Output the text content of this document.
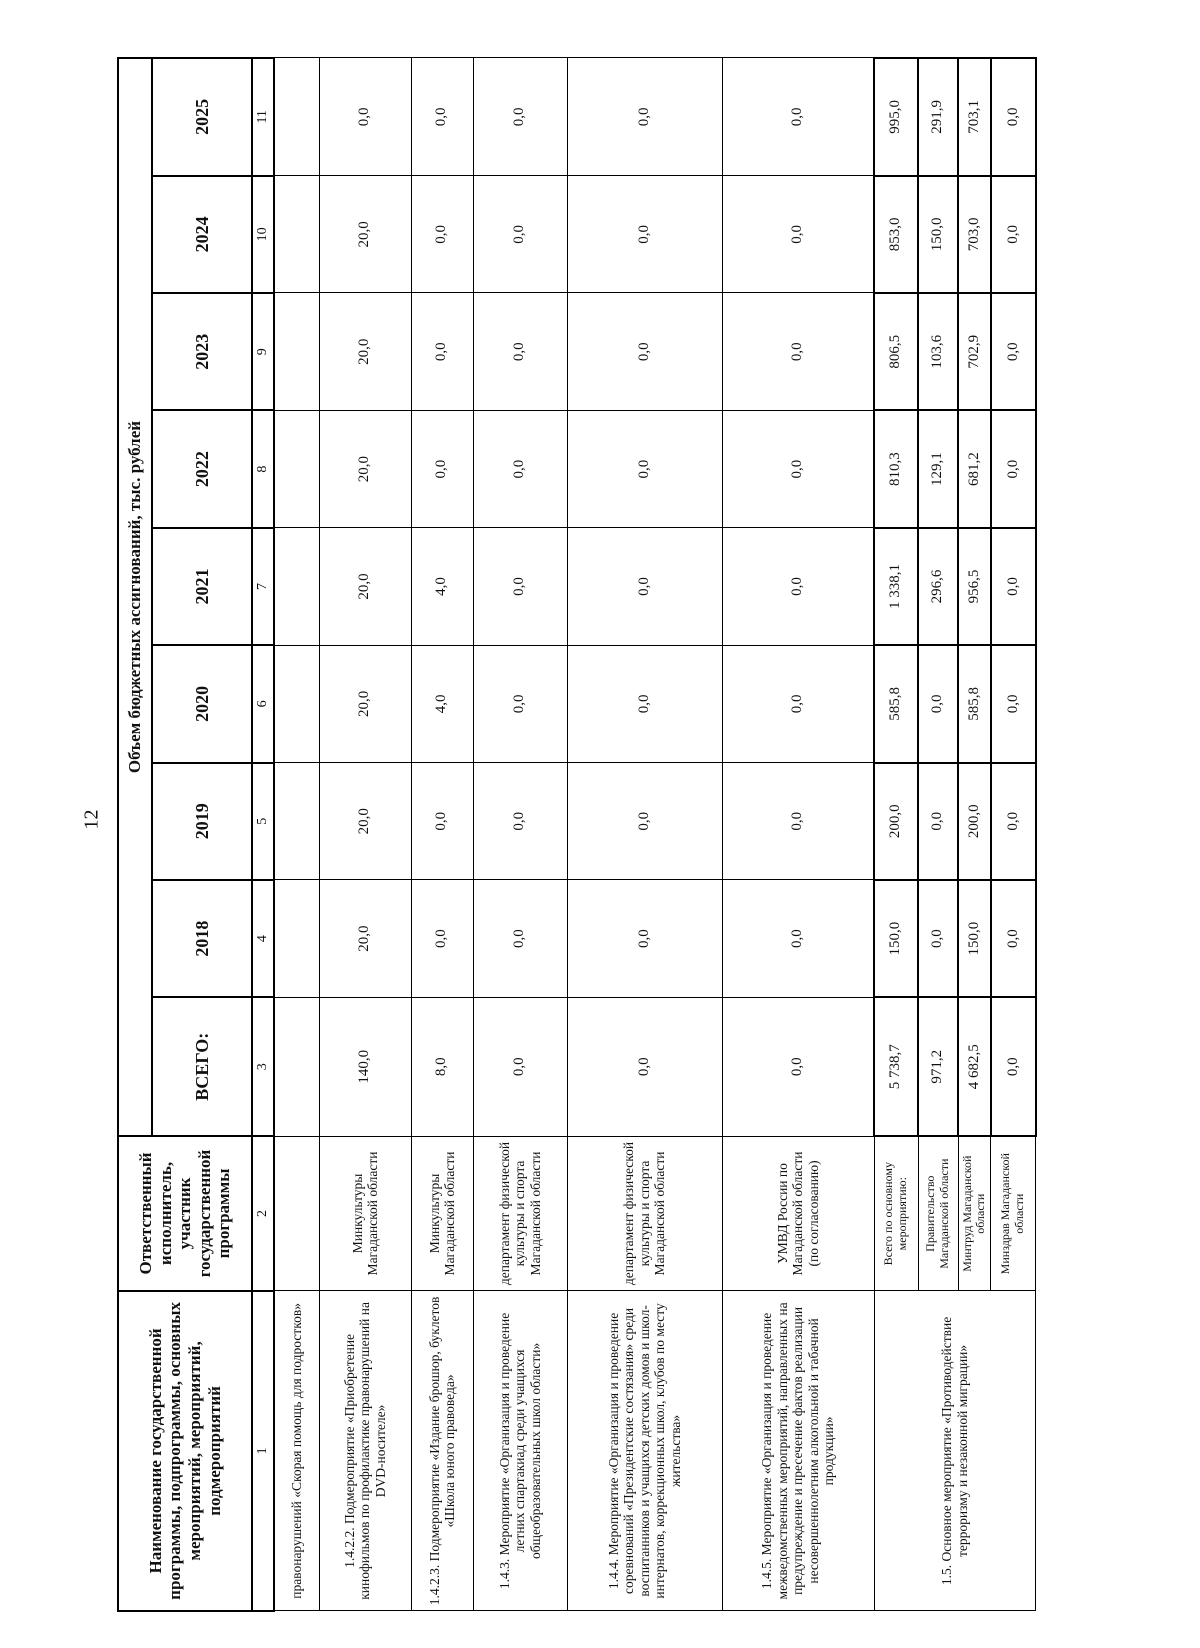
12
Наименование государственной программы, подпрограммы, основных мероприятий, мероприятий, подмероприятий	Ответственный исполнитель, участник государственной программы	Объем бюджетных ассигнований, тыс. рублей								
		ВСЕГО:	2018	2019	2020	2021	2022	2023	2024	2025
1	2	3	4	5	6	7	8	9	10	11
правонарушений «Скорая помощь для подростков»										
1.4.2.2. Подмероприятие «Приобретение кинофильмов по профилактике правонарушений на DVD-носителе»	Минкультуры Магаданской области	140,0	20,0	20,0	20,0	20,0	20,0	20,0	20,0	0,0
1.4.2.3. Подмероприятие «Издание брошюр, буклетов «Школа юного правоведа»	Минкультуры Магаданской области	8,0	0,0	0,0	4,0	4,0	0,0	0,0	0,0	0,0
1.4.3. Мероприятие «Организация и проведение летних спартакиад среди учащихся общеобразовательных школ области»	департамент физической культуры и спорта Магаданской области	0,0	0,0	0,0	0,0	0,0	0,0	0,0	0,0	0,0
1.4.4. Мероприятие «Организация и проведение соревнований «Президентские состязания» среди воспитанников и учащихся детских домов и школ-интернатов, коррекционных школ, клубов по месту жительства»	департамент физической культуры и спорта Магаданской области	0,0	0,0	0,0	0,0	0,0	0,0	0,0	0,0	0,0
1.4.5. Мероприятие «Организация и проведение межведомственных мероприятий, направленных на предупреждение и пресечение фактов реализации несовершеннолетним алкогольной и табачной продукции»	УМВД России по Магаданской области (по согласованию)	0,0	0,0	0,0	0,0	0,0	0,0	0,0	0,0	0,0
1.5. Основное мероприятие «Противодействие терроризму и незаконной миграции»	Всего по основному мероприятию:	5 738,7	150,0	200,0	585,8	1 338,1	810,3	806,5	853,0	995,0
	Правительство Магаданской области	971,2	0,0	0,0	0,0	296,6	129,1	103,6	150,0	291,9
	Минтруд Магаданской области	4 682,5	150,0	200,0	585,8	956,5	681,2	702,9	703,0	703,1
	Минздрав Магаданской области	0,0	0,0	0,0	0,0	0,0	0,0	0,0	0,0	0,0
